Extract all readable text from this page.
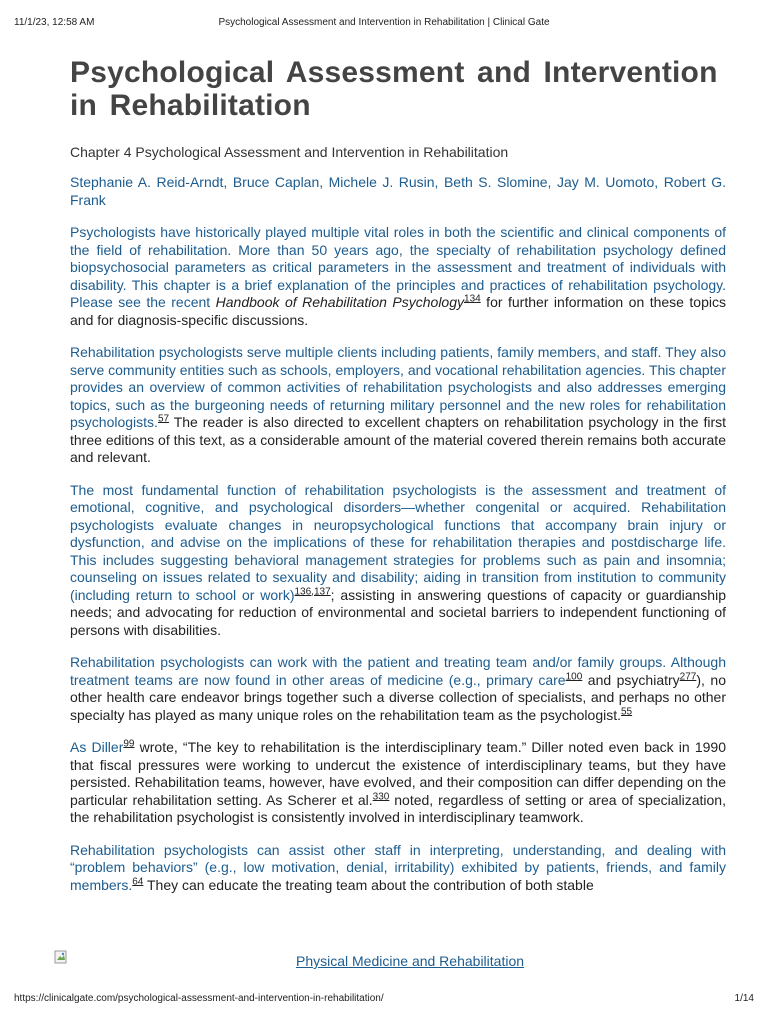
11/1/23, 12:58 AM	Psychological Assessment and Intervention in Rehabilitation | Clinical Gate
Psychological Assessment and Intervention in Rehabilitation
Chapter 4 Psychological Assessment and Intervention in Rehabilitation
Stephanie A. Reid-Arndt, Bruce Caplan, Michele J. Rusin, Beth S. Slomine, Jay M. Uomoto, Robert G. Frank

Psychologists have historically played multiple vital roles in both the scientific and clinical components of the field of rehabilitation. More than 50 years ago, the specialty of rehabilitation psychology defined biopsychosocial parameters as critical parameters in the assessment and treatment of individuals with disability. This chapter is a brief explanation of the principles and practices of rehabilitation psychology. Please see the recent Handbook of Rehabilitation Psychology$^{134}$ for further information on these topics and for diagnosis-specific discussions.

Rehabilitation psychologists serve multiple clients including patients, family members, and staff. They also serve community entities such as schools, employers, and vocational rehabilitation agencies. This chapter provides an overview of common activities of rehabilitation psychologists and also addresses emerging topics, such as the burgeoning needs of returning military personnel and the new roles for rehabilitation psychologists.$^{57}$ The reader is also directed to excellent chapters on rehabilitation psychology in the first three editions of this text, as a considerable amount of the material covered therein remains both accurate and relevant.

The most fundamental function of rehabilitation psychologists is the assessment and treatment of emotional, cognitive, and psychological disorders—whether congenital or acquired. Rehabilitation psychologists evaluate changes in neuropsychological functions that accompany brain injury or dysfunction, and advise on the implications of these for rehabilitation therapies and postdischarge life. This includes suggesting behavioral management strategies for problems such as pain and insomnia; counseling on issues related to sexuality and disability; aiding in transition from institution to community (including return to school or work)$^{136,137}$; assisting in answering questions of capacity or guardianship needs; and advocating for reduction of environmental and societal barriers to independent functioning of persons with disabilities.

Rehabilitation psychologists can work with the patient and treating team and/or family groups. Although treatment teams are now found in other areas of medicine (e.g., primary care$^{100}$ and psychiatry$^{277}$), no other health care endeavor brings together such a diverse collection of specialists, and perhaps no other specialty has played as many unique roles on the rehabilitation team as the psychologist.$^{55}$

As Diller$^{99}$ wrote, “The key to rehabilitation is the interdisciplinary team.” Diller noted even back in 1990 that fiscal pressures were working to undercut the existence of interdisciplinary teams, but they have persisted. Rehabilitation teams, however, have evolved, and their composition can differ depending on the particular rehabilitation setting. As Scherer et al.$^{330}$ noted, regardless of setting or area of specialization, the rehabilitation psychologist is consistently involved in interdisciplinary teamwork.

Rehabilitation psychologists can assist other staff in interpreting, understanding, and dealing with “problem behaviors” (e.g., low motivation, denial, irritability) exhibited by patients, friends, and family members.$^{64}$ They can educate the treating team about the contribution of both stable

Physical Medicine and Rehabilitation
https://clinicalgate.com/psychological-assessment-and-intervention-in-rehabilitation/	1/14
